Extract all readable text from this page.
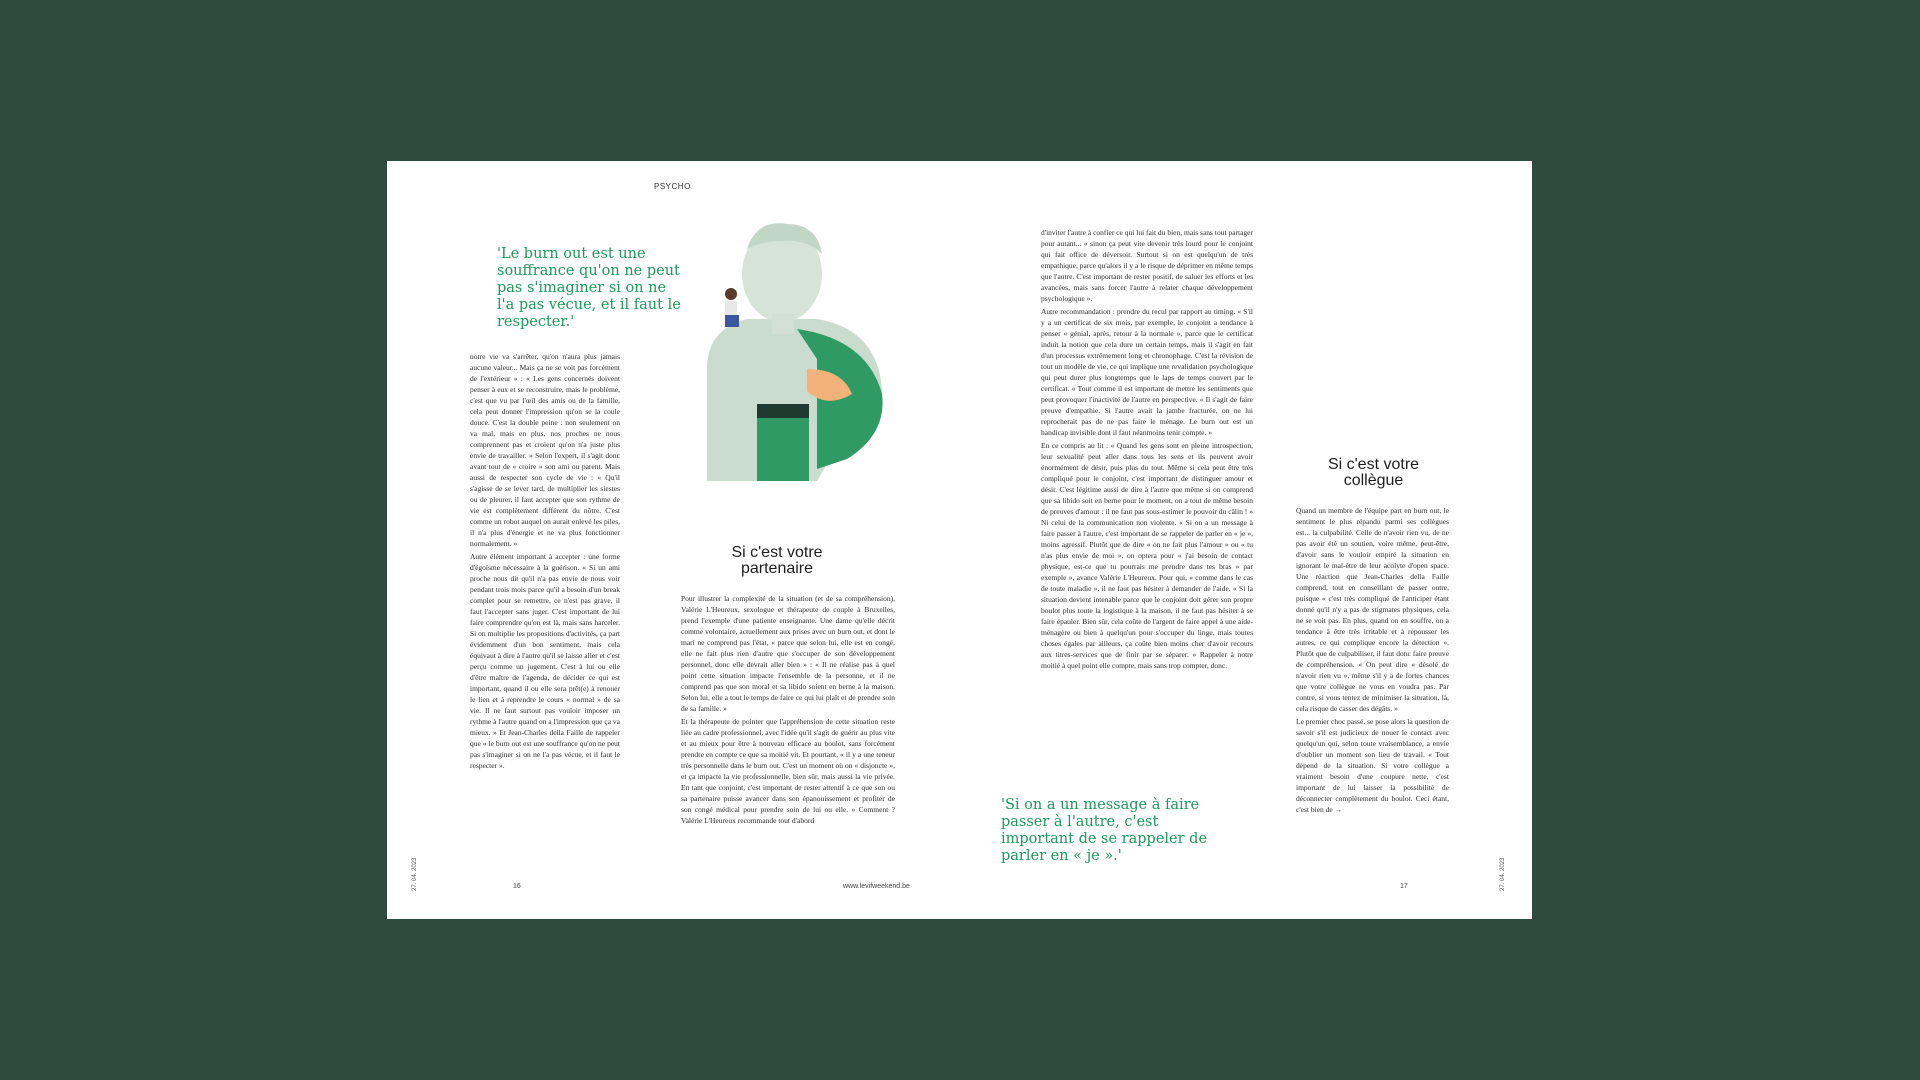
PSYCHO
'Le burn out est une souffrance qu'on ne peut pas s'imaginer si on ne l'a pas vécue, et il faut le respecter.'

notre vie va s'arrêter, qu'on n'aura plus jamais aucune valeur... Mais ça ne se voit pas forcément de l'extérieur » : « Les gens concernés doivent penser à eux et se reconstruire, mais le problème, c'est que vu par l'œil des amis ou de la famille, cela peut donner l'impression qu'on se la coule douce. C'est la double peine : non seulement on va mal, mais en plus, nos proches ne nous comprennent pas et croient qu'on n'a juste plus envie de travailler. » Selon l'expert, il s'agit donc avant tout de « croire » son ami ou parent. Mais aussi de respecter son cycle de vie : « Qu'il s'agisse de se lever tard, de multiplier les siestes ou de pleurer, il faut accepter que son rythme de vie est complètement différent du nôtre. C'est comme un robot auquel on aurait enlevé les piles, il n'a plus d'énergie et ne va plus fonctionner normalement. »

Autre élément important à accepter : une forme d'égoïsme nécessaire à la guérison. « Si un ami proche nous dit qu'il n'a pas envie de nous voir pendant trois mois parce qu'il a besoin d'un break complet pour se remettre, ce n'est pas grave, il faut l'accepter sans juger. C'est important de lui faire comprendre qu'on est là, mais sans harceler. Si on multiplie les propositions d'activités, ça part évidemment d'un bon sentiment, mais cela équivaut à dire à l'autre qu'il se laisse aller et c'est perçu comme un jugement. C'est à lui ou elle d'être maître de l'agenda, de décider ce qui est important, quand il ou elle sera prêt(e) à renouer le lien et à reprendre le cours « normal » de sa vie. Il ne faut surtout pas vouloir imposer un rythme à l'autre quand on a l'impression que ça va mieux. » Et Jean-Charles della Faille de rappeler que « le burn out est une souffrance qu'on ne peut pas s'imaginer si on ne l'a pas vécue, et il faut le respecter ».

Si c'est votre partenaire

Pour illustrer la complexité de la situation (et de sa compréhension), Valérie L'Heureux, sexologue et thérapeute de couple à Bruxelles, prend l'exemple d'une patiente enseignante. Une dame qu'elle décrit comme volontaire, actuellement aux prises avec un burn out, et dont le mari ne comprend pas l'état, « parce que selon lui, elle est en congé, elle ne fait plus rien d'autre que s'occuper de son développement personnel, donc elle devrait aller bien » : « Il ne réalise pas à quel point cette situation impacte l'ensemble de la personne, et il ne comprend pas que son moral et sa libido soient en berne à la maison. Selon lui, elle a tout le temps de faire ce qui lui plaît et de prendre soin de sa famille. »

Et la thérapeute de pointer que l'appréhension de cette situation reste liée au cadre professionnel, avec l'idée qu'il s'agit de guérir au plus vite et au mieux pour être à nouveau efficace au boulot, sans forcément prendre en compte ce que sa moitié vit. Et pourtant, « il y a une teneur très personnelle dans le burn out. C'est un moment où on « disjoncte », et ça impacte la vie professionnelle, bien sûr, mais aussi la vie privée. En tant que conjoint, c'est important de rester attentif à ce que son ou sa partenaire puisse avancer dans son épanouissement et profiter de son congé médical pour prendre soin de lui ou elle. » Comment ? Valérie L'Heureux recommande tout d'abord

d'inviter l'autre à confier ce qui lui fait du bien, mais sans tout partager pour autant... « sinon ça peut vite devenir très lourd pour le conjoint qui fait office de déversoir. Surtout si on est quelqu'un de très empathique, parce qu'alors il y a le risque de déprimer en même temps que l'autre. C'est important de rester positif, de saluer les efforts et les avancées, mais sans forcer l'autre à relater chaque développement psychologique ».

Autre recommandation : prendre du recul par rapport au timing. « S'il y a un certificat de six mois, par exemple, le conjoint a tendance à penser « génial, après, retour à la normale », parce que le certificat induit la notion que cela dure un certain temps, mais il s'agit en fait d'un processus extrêmement long et chronophage. C'est la révision de tout un modèle de vie, ce qui implique une revalidation psychologique qui peut durer plus longtemps que le laps de temps couvert par le certificat. « Tout comme il est important de mettre les sentiments que peut provoquer l'inactivité de l'autre en perspective. « Il s'agit de faire preuve d'empathie. Si l'autre avait la jambe fracturée, on ne lui reprocherait pas de ne pas faire le ménage. Le burn out est un handicap invisible dont il faut néanmoins tenir compte. »

En ce compris au lit : « Quand les gens sont en pleine introspection, leur sexualité peut aller dans tous les sens et ils peuvent avoir énormément de désir, puis plus du tout. Même si cela peut être très compliqué pour le conjoint, c'est important de distinguer amour et désir. C'est légitime aussi de dire à l'autre que même si on comprend que sa libido soit en berne pour le moment, on a tout de même besoin de preuves d'amour : il ne faut pas sous-estimer le pouvoir du câlin ! » Ni celui de la communication non violente. « Si on a un message à faire passer à l'autre, c'est important de se rappeler de parler en « je », moins agressif. Plutôt que de dire « on ne fait plus l'amour » ou « tu n'as plus envie de moi », on optera pour « j'ai besoin de contact physique, est-ce que tu pourrais me prendre dans tes bras » par exemple », avance Valérie L'Heureux. Pour qui, « comme dans le cas de toute maladie », il ne faut pas hésiter à demander de l'aide. « Si la situation devient intenable parce que le conjoint doit gérer son propre boulot plus toute la logistique à la maison, il ne faut pas hésiter à se faire épauler. Bien sûr, cela coûte de l'argent de faire appel à une aide-ménagère ou bien à quelqu'un pour s'occuper du linge, mais toutes choses égales par ailleurs, ça coûte bien moins cher d'avoir recours aux titres-services que de finir par se séparer. » Rappeler à notre moitié à quel point elle compte, mais sans trop compter, donc.

'Si on a un message à faire passer à l'autre, c'est important de se rappeler de parler en « je ».'
Si c'est votre collègue

Quand un membre de l'équipe part en burn out, le sentiment le plus répandu parmi ses collègues est... la culpabilité. Celle de n'avoir rien vu, de ne pas avoir été un soutien, voire même, peut-être, d'avoir sans le vouloir empiré la situation en ignorant le mal-être de leur acolyte d'open space. Une réaction que Jean-Charles della Faille comprend, tout en conseillant de passer outre, puisque « c'est très compliqué de l'anticiper étant donné qu'il n'y a pas de stigmates physiques, cela ne se voit pas. En plus, quand on en souffre, on a tendance à être très irritable et à repousser les autres, ce qui complique encore la détection ». Plutôt que de culpabiliser, il faut donc faire preuve de compréhension. « On peut dire « désolé de n'avoir rien vu », même s'il y a de fortes chances que votre collègue ne vous en voudra pas. Par contre, si vous tentez de minimiser la situation, là, cela risque de casser des dégâts. »

Le premier choc passé, se pose alors la question de savoir s'il est judicieux de nouer le contact avec quelqu'un qui, selon toute vraisemblance, a envie d'oublier un moment son lieu de travail. « Tout dépend de la situation. Si votre collègue a vraiment besoin d'une coupure nette, c'est important de lui laisser la possibilité de déconnecter complètement du boulot. Ceci étant, c'est bien de →

16	www.levifweekend.be	17
27. 04. 2023	27. 04. 2023
